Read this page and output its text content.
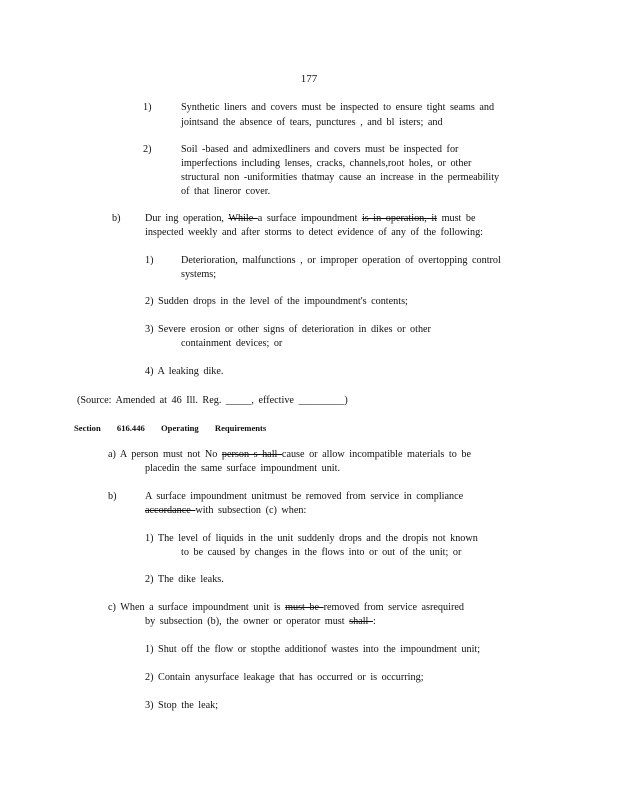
177
1)	Synthetic liners and covers must be inspected to ensure tight seams and
jointsand the absence of tears, punctures , and bl isters; and
2)	Soil -based and admixedliners and covers must be inspected for
imperfections including lenses, cracks, channels,root holes, or other
structural non -uniformities thatmay cause an increase in the permeability
of that lineror cover.
b) Dur ing operation, While a surface impoundment is in operation, it must be
inspected weekly and after storms to detect evidence of any of the following:
1)	Deterioration, malfunctions , or improper operation of overtopping control
systems;
2) Sudden drops in the level of the impoundment's contents;
3) Severe erosion or other signs of deterioration in dikes or other
containment devices; or
4) A leaking dike.
(Source: Amended at 46 Ill. Reg. _____, effective _________)
Section 616.446 Operating Requirements
a) A person must not No person s hall cause or allow incompatible materials to be
placedin the same surface impoundment unit.
b)	A surface impoundment unitmust be removed from service in compliance
accordance with subsection (c) when:
1) The level of liquids in the unit suddenly drops and the dropis not known
to be caused by changes in the flows into or out of the unit; or
2) The dike leaks.
c) When a surface impoundment unit is must be removed from service asrequired
by subsection (b), the owner or operator must shall :
1) Shut off the flow or stopthe additionof wastes into the impoundment unit;
2) Contain anysurface leakage that has occurred or is occurring;
3) Stop the leak;
